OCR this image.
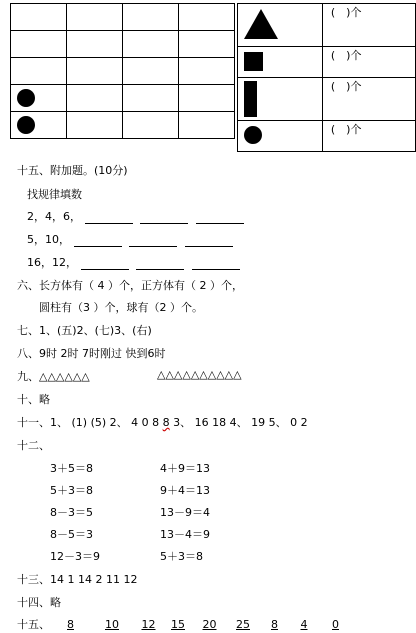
	(　)个

	(　)个

	(　)个

	(　)个
十五、附加题。(10分)
找规律填数
2，4，6，
5，10，
16，12，
六、长方体有（ 4 ）个，正方体有（ 2 ）个，
圆柱有（3 ）个，球有（2 ）个。
七、1、(五)2、(七)3、(右)
八、9时 2时 7时刚过 快到6时
九、△△△△△△	△△△△△△△△△△
十、略
十一、1、 (1) (5) 2、 4 0 8 8 3、 16 18 4、 19 5、 0 2
十二、
3＋5＝8	4＋9＝13
5＋3＝8	9＋4＝13
8－3＝5	13－9＝4
8－5＝3	13－4＝9
12－3＝9	5＋3＝8
十三、14 1 14 2 11 12
十四、略
十五、 8	10 12 15 20 25 8 4 0
